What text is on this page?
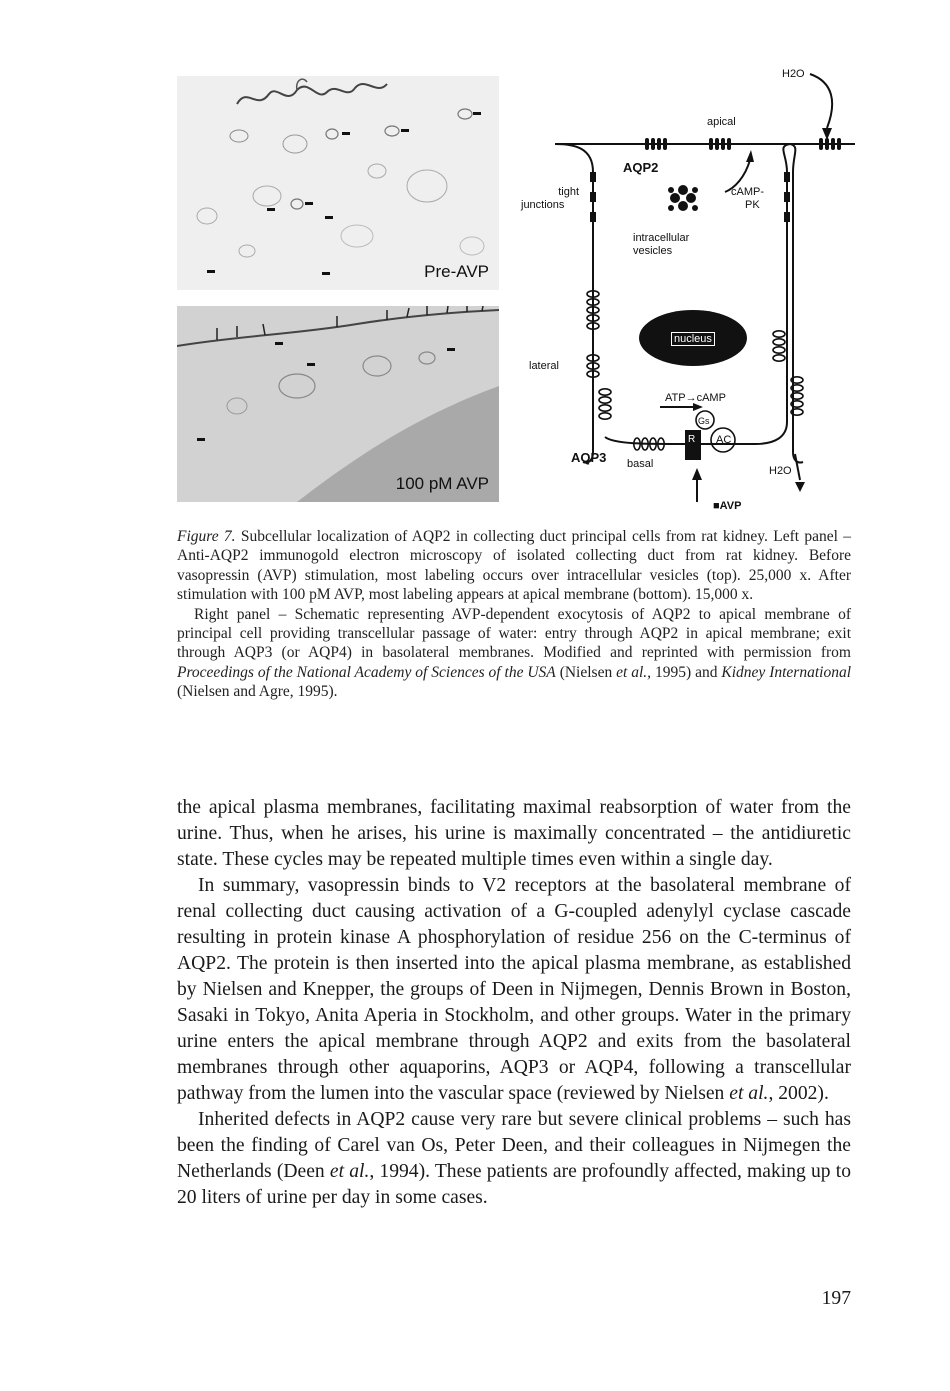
Pre-AVP
100 pM AVP
H2O
apical
AQP2
tight
junctions
cAMP-
PK
intracellular
vesicles
nucleus
lateral
ATP→cAMP
Gs
AC
R
AQP3 basal
H2O
■AVP

Figure 7. Subcellular localization of AQP2 in collecting duct principal cells from rat kidney. Left panel – Anti-AQP2 immunogold electron microscopy of isolated collecting duct from rat kidney. Before vasopressin (AVP) stimulation, most labeling occurs over intracellular vesicles (top). 25,000 x. After stimulation with 100 pM AVP, most labeling appears at apical membrane (bottom). 15,000 x.

Right panel – Schematic representing AVP-dependent exocytosis of AQP2 to apical membrane of principal cell providing transcellular passage of water: entry through AQP2 in apical membrane; exit through AQP3 (or AQP4) in basolateral membranes. Modified and reprinted with permission from Proceedings of the National Academy of Sciences of the USA (Nielsen et al., 1995) and Kidney International (Nielsen and Agre, 1995).

the apical plasma membranes, facilitating maximal reabsorption of water from the urine. Thus, when he arises, his urine is maximally concentrated – the antidiuretic state. These cycles may be repeated multiple times even within a single day.

In summary, vasopressin binds to V2 receptors at the basolateral membrane of renal collecting duct causing activation of a G-coupled adenylyl cyclase cascade resulting in protein kinase A phosphorylation of residue 256 on the C-terminus of AQP2. The protein is then inserted into the apical plasma membrane, as established by Nielsen and Knepper, the groups of Deen in Nijmegen, Dennis Brown in Boston, Sasaki in Tokyo, Anita Aperia in Stockholm, and other groups. Water in the primary urine enters the apical membrane through AQP2 and exits from the basolateral membranes through other aquaporins, AQP3 or AQP4, following a transcellular pathway from the lumen into the vascular space (reviewed by Nielsen et al., 2002).

Inherited defects in AQP2 cause very rare but severe clinical problems – such has been the finding of Carel van Os, Peter Deen, and their colleagues in Nijmegen the Netherlands (Deen et al., 1994). These patients are profoundly affected, making up to 20 liters of urine per day in some cases.

197
